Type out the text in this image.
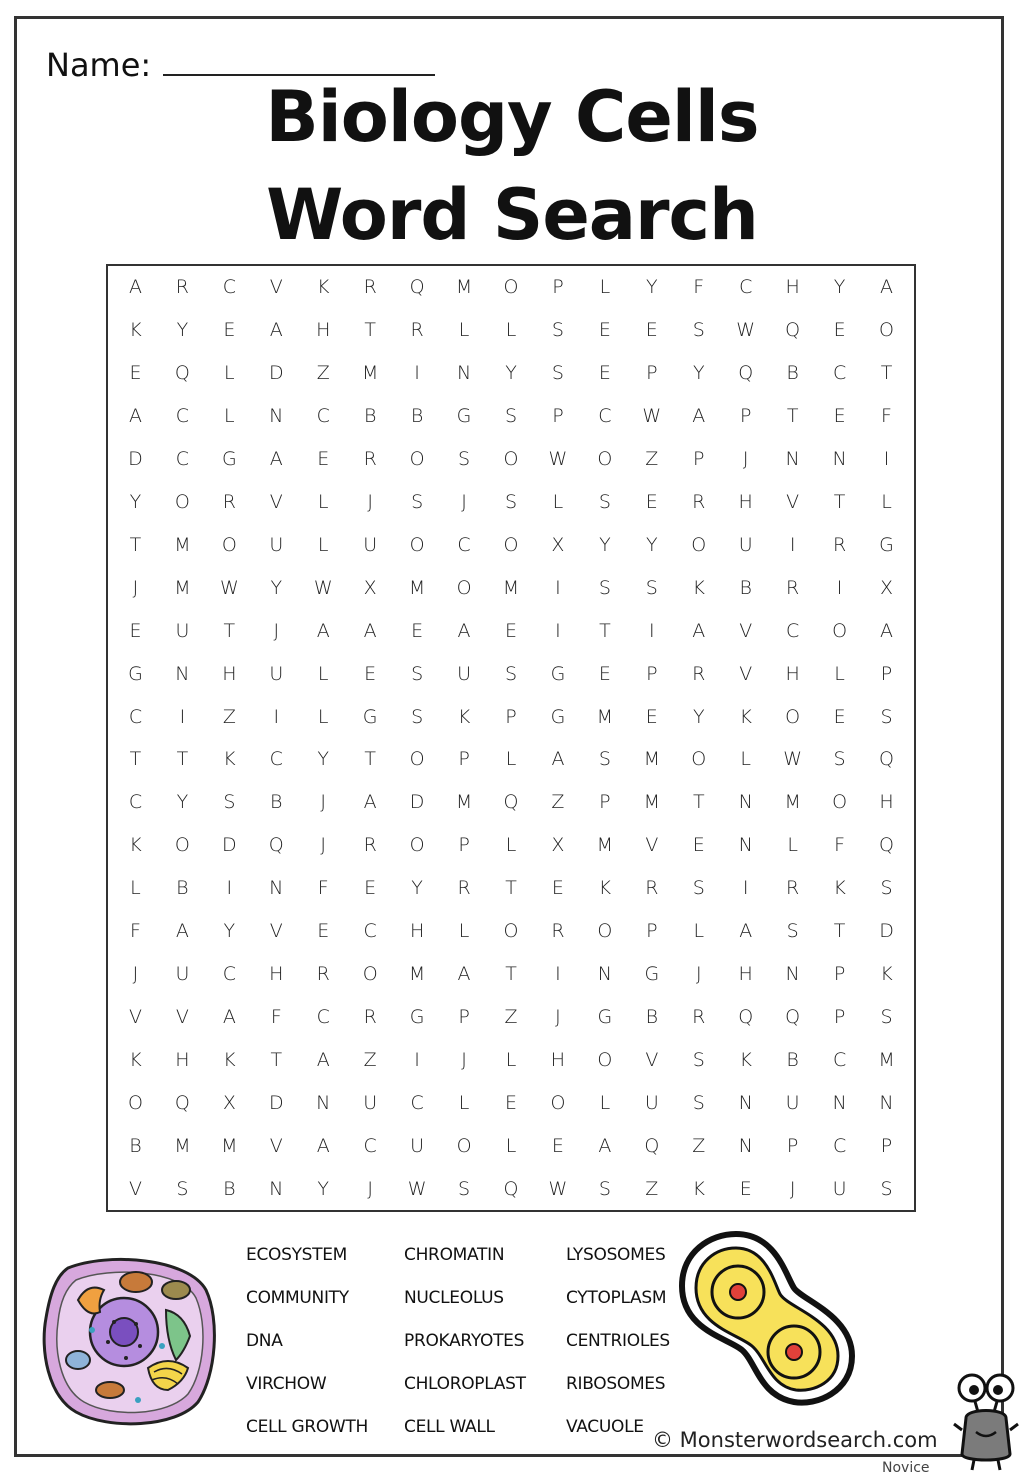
Name:
Biology Cells
Word Search
A	R	C	V	K	R	Q	M	O	P	L	Y	F	C	H	Y	A
K	Y	E	A	H	T	R	L	L	S	E	E	S	W	Q	E	O
E	Q	L	D	Z	M	I	N	Y	S	E	P	Y	Q	B	C	T
A	C	L	N	C	B	B	G	S	P	C	W	A	P	T	E	F
D	C	G	A	E	R	O	S	O	W	O	Z	P	J	N	N	I
Y	O	R	V	L	J	S	J	S	L	S	E	R	H	V	T	L
T	M	O	U	L	U	O	C	O	X	Y	Y	O	U	I	R	G
J	M	W	Y	W	X	M	O	M	I	S	S	K	B	R	I	X
E	U	T	J	A	A	E	A	E	I	T	I	A	V	C	O	A
G	N	H	U	L	E	S	U	S	G	E	P	R	V	H	L	P
C	I	Z	I	L	G	S	K	P	G	M	E	Y	K	O	E	S
T	T	K	C	Y	T	O	P	L	A	S	M	O	L	W	S	Q
C	Y	S	B	J	A	D	M	Q	Z	P	M	T	N	M	O	H
K	O	D	Q	J	R	O	P	L	X	M	V	E	N	L	F	Q
L	B	I	N	F	E	Y	R	T	E	K	R	S	I	R	K	S
F	A	Y	V	E	C	H	L	O	R	O	P	L	A	S	T	D
J	U	C	H	R	O	M	A	T	I	N	G	J	H	N	P	K
V	V	A	F	C	R	G	P	Z	J	G	B	R	Q	Q	P	S
K	H	K	T	A	Z	I	J	L	H	O	V	S	K	B	C	M
O	Q	X	D	N	U	C	L	E	O	L	U	S	N	U	N	N
B	M	M	V	A	C	U	O	L	E	A	Q	Z	N	P	C	P
V	S	B	N	Y	J	W	S	Q	W	S	Z	K	E	J	U	S
ECOSYSTEM
COMMUNITY
DNA
VIRCHOW
CELL GROWTH
CHROMATIN
NUCLEOLUS
PROKARYOTES
CHLOROPLAST
CELL WALL
LYSOSOMES
CYTOPLASM
CENTRIOLES
RIBOSOMES
VACUOLE
© Monsterwordsearch.com
Novice
